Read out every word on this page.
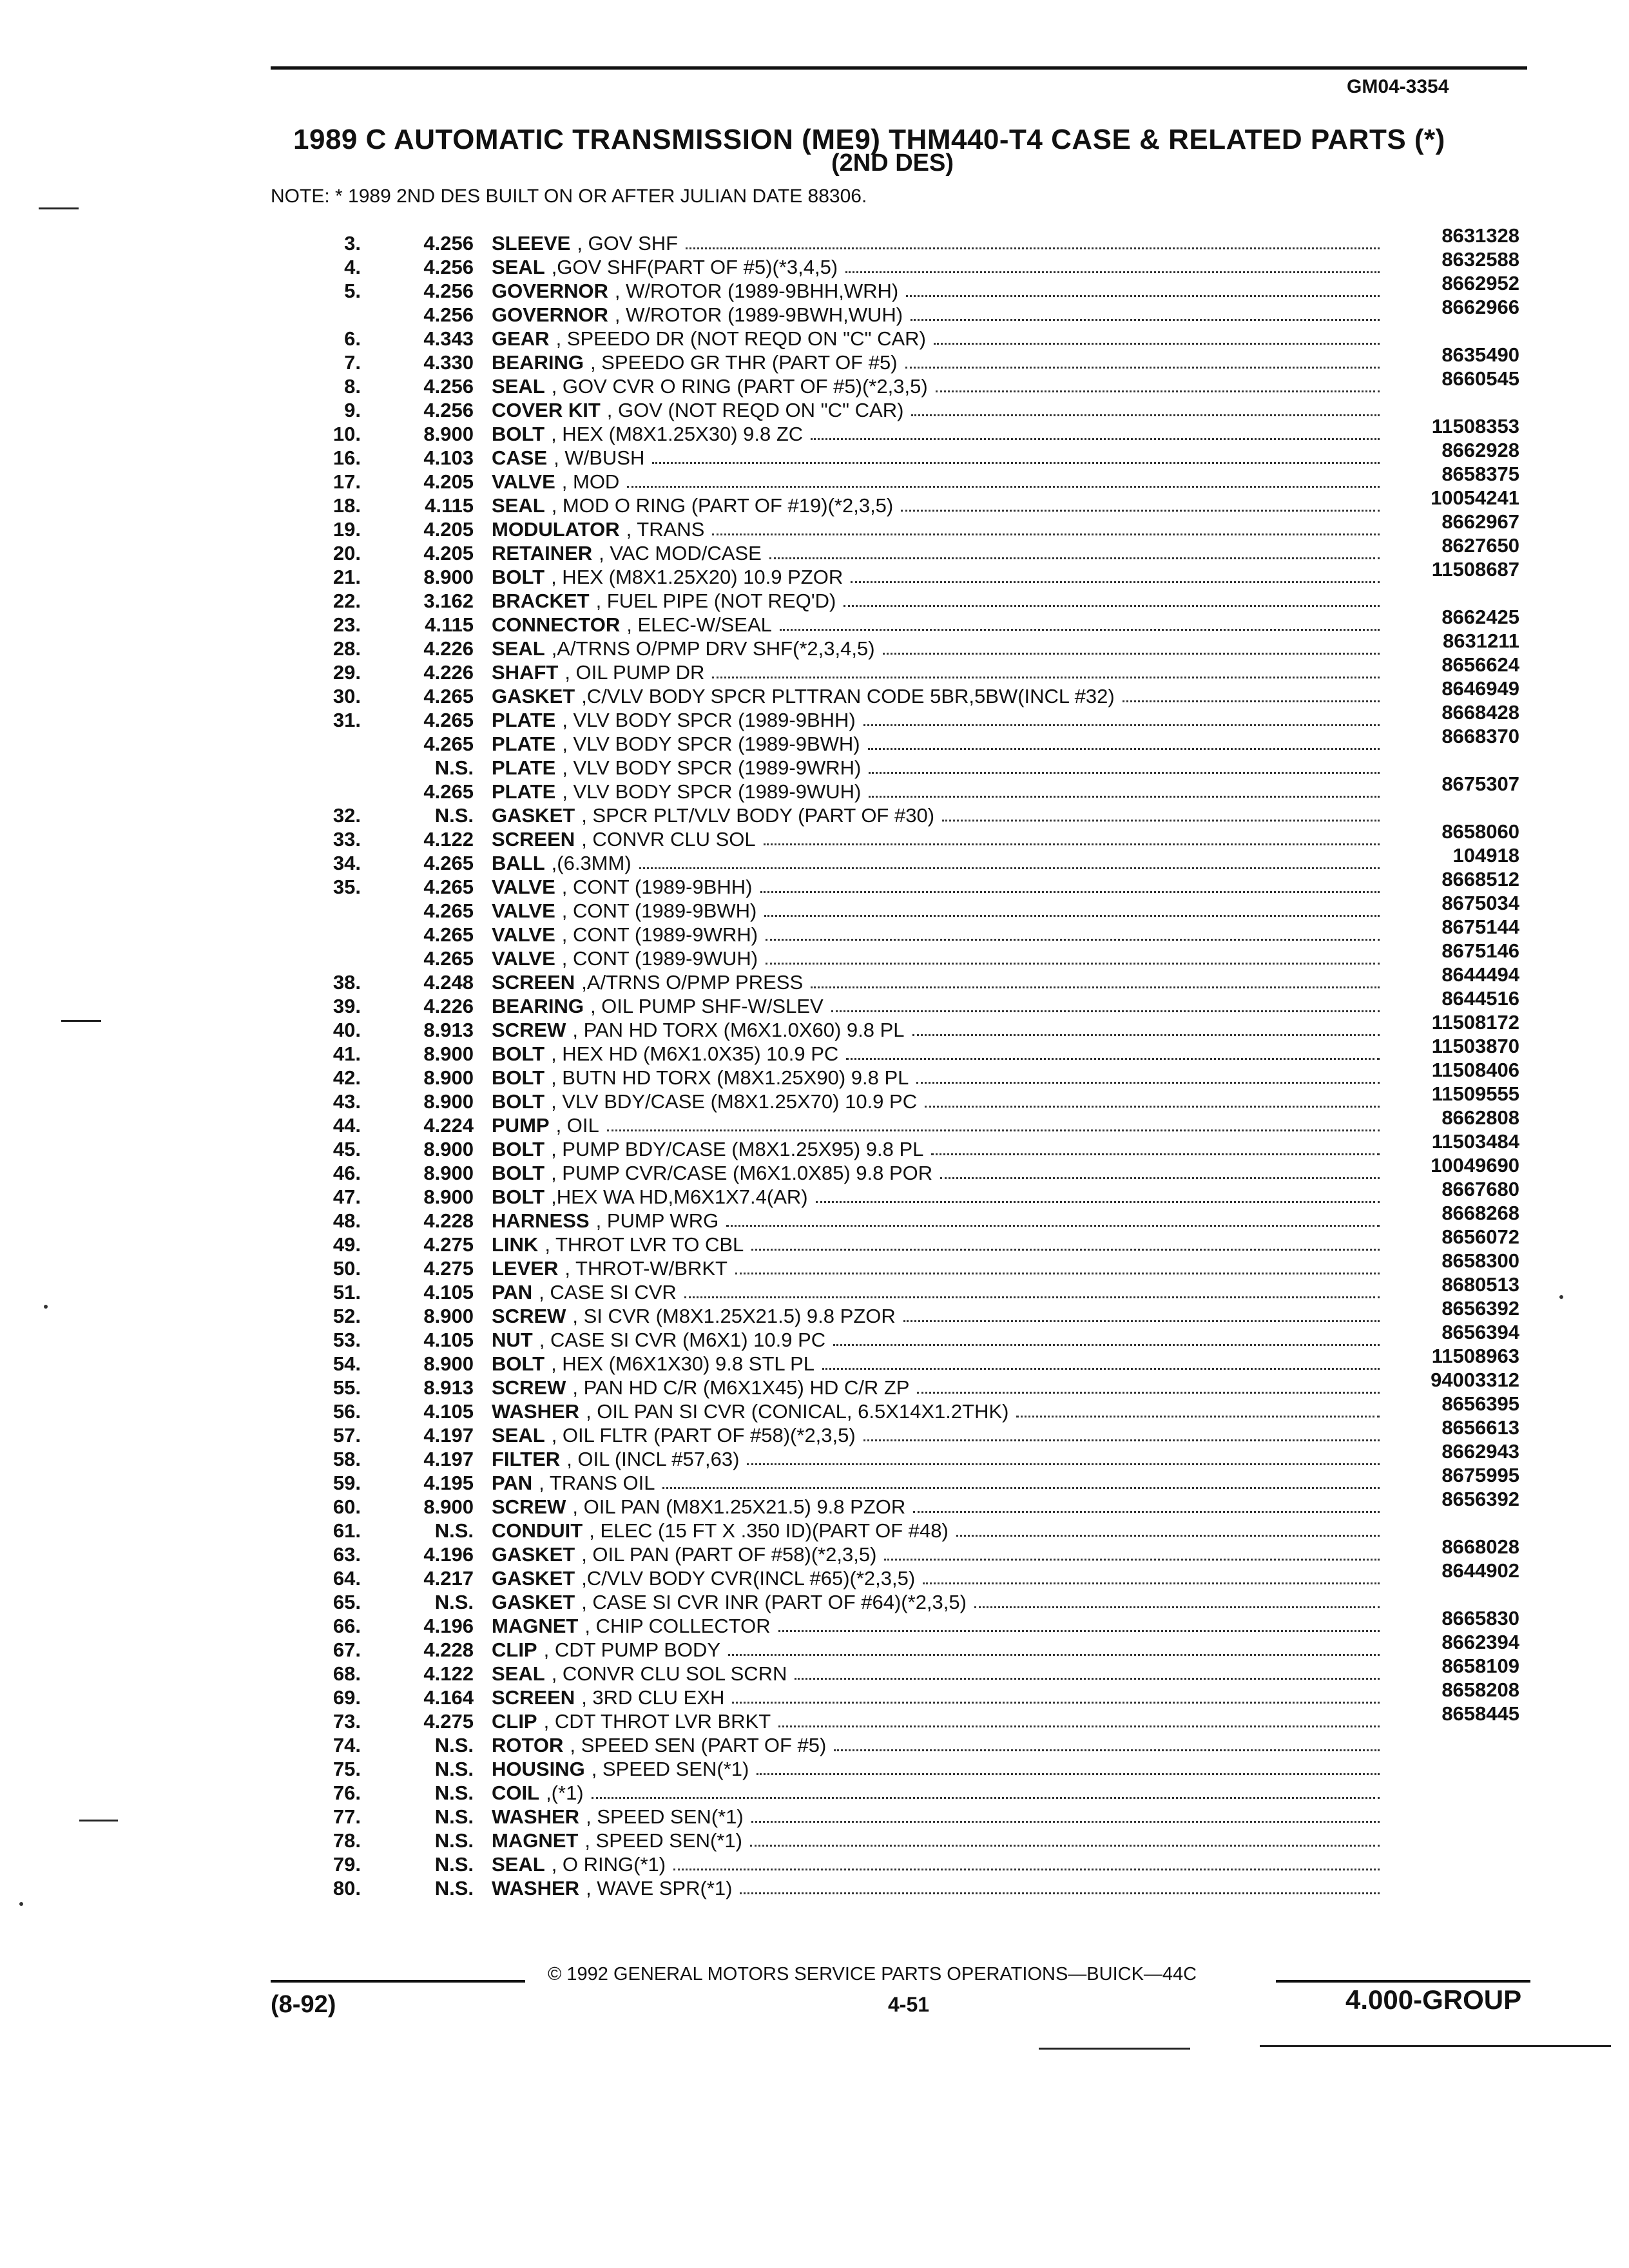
GM04-3354
1989 C AUTOMATIC TRANSMISSION (ME9) THM440-T4 CASE & RELATED PARTS (*)
(2ND DES)
NOTE: * 1989 2ND DES BUILT ON OR AFTER JULIAN DATE 88306.
3.	4.256 SLEEVE , GOV SHF	8631328
4.	4.256 SEAL ,GOV SHF(PART OF #5)(*3,4,5)	8632588
5.	4.256 GOVERNOR , W/ROTOR (1989-9BHH,WRH)	8662952
4.256 GOVERNOR , W/ROTOR (1989-9BWH,WUH)	8662966
6.	4.343 GEAR , SPEEDO DR (NOT REQD ON "C" CAR)
7.	4.330 BEARING , SPEEDO GR THR (PART OF #5)	8635490
8.	4.256 SEAL , GOV CVR O RING (PART OF #5)(*2,3,5)	8660545
9.	4.256 COVER KIT , GOV (NOT REQD ON "C" CAR)
10.	8.900 BOLT , HEX (M8X1.25X30) 9.8 ZC	11508353
16.	4.103 CASE , W/BUSH	8662928
17.	4.205 VALVE , MOD	8658375
18.	4.115 SEAL , MOD O RING (PART OF #19)(*2,3,5)	10054241
19.	4.205 MODULATOR , TRANS	8662967
20.	4.205 RETAINER , VAC MOD/CASE	8627650
21.	8.900 BOLT , HEX (M8X1.25X20) 10.9 PZOR	11508687
22.	3.162 BRACKET , FUEL PIPE (NOT REQ'D)
23.	4.115 CONNECTOR , ELEC-W/SEAL	8662425
28.	4.226 SEAL ,A/TRNS O/PMP DRV SHF(*2,3,4,5)	8631211
29.	4.226 SHAFT , OIL PUMP DR	8656624
30.	4.265 GASKET ,C/VLV BODY SPCR PLTTRAN CODE 5BR,5BW(INCL #32)	8646949
31.	4.265 PLATE , VLV BODY SPCR (1989-9BHH)	8668428
4.265 PLATE , VLV BODY SPCR (1989-9BWH)	8668370
N.S. PLATE , VLV BODY SPCR (1989-9WRH)
4.265 PLATE , VLV BODY SPCR (1989-9WUH)	8675307
32.	N.S. GASKET , SPCR PLT/VLV BODY (PART OF #30)
33.	4.122 SCREEN , CONVR CLU SOL	8658060
34.	4.265 BALL ,(6.3MM)	104918
35.	4.265 VALVE , CONT (1989-9BHH)	8668512
4.265 VALVE , CONT (1989-9BWH)	8675034
4.265 VALVE , CONT (1989-9WRH)	8675144
4.265 VALVE , CONT (1989-9WUH)	8675146
38.	4.248 SCREEN ,A/TRNS O/PMP PRESS	8644494
39.	4.226 BEARING , OIL PUMP SHF-W/SLEV	8644516
40.	8.913 SCREW , PAN HD TORX (M6X1.0X60) 9.8 PL	11508172
41.	8.900 BOLT , HEX HD (M6X1.0X35) 10.9 PC	11503870
42.	8.900 BOLT , BUTN HD TORX (M8X1.25X90) 9.8 PL	11508406
43.	8.900 BOLT , VLV BDY/CASE (M8X1.25X70) 10.9 PC	11509555
44.	4.224 PUMP , OIL	8662808
45.	8.900 BOLT , PUMP BDY/CASE (M8X1.25X95) 9.8 PL	11503484
46.	8.900 BOLT , PUMP CVR/CASE (M6X1.0X85) 9.8 POR	10049690
47.	8.900 BOLT ,HEX WA HD,M6X1X7.4(AR)	8667680
48.	4.228 HARNESS , PUMP WRG	8668268
49.	4.275 LINK , THROT LVR TO CBL	8656072
50.	4.275 LEVER , THROT-W/BRKT	8658300
51.	4.105 PAN , CASE SI CVR	8680513
52.	8.900 SCREW , SI CVR (M8X1.25X21.5) 9.8 PZOR	8656392
53.	4.105 NUT , CASE SI CVR (M6X1) 10.9 PC	8656394
54.	8.900 BOLT , HEX (M6X1X30) 9.8 STL PL	11508963
55.	8.913 SCREW , PAN HD C/R (M6X1X45) HD C/R ZP	94003312
56.	4.105 WASHER , OIL PAN SI CVR (CONICAL, 6.5X14X1.2THK)	8656395
57.	4.197 SEAL , OIL FLTR (PART OF #58)(*2,3,5)	8656613
58.	4.197 FILTER , OIL (INCL #57,63)	8662943
59.	4.195 PAN , TRANS OIL	8675995
60.	8.900 SCREW , OIL PAN (M8X1.25X21.5) 9.8 PZOR	8656392
61.	N.S. CONDUIT , ELEC (15 FT X .350 ID)(PART OF #48)
63.	4.196 GASKET , OIL PAN (PART OF #58)(*2,3,5)	8668028
64.	4.217 GASKET ,C/VLV BODY CVR(INCL #65)(*2,3,5)	8644902
65.	N.S. GASKET , CASE SI CVR INR (PART OF #64)(*2,3,5)
66.	4.196 MAGNET , CHIP COLLECTOR	8665830
67.	4.228 CLIP , CDT PUMP BODY	8662394
68.	4.122 SEAL , CONVR CLU SOL SCRN	8658109
69.	4.164 SCREEN , 3RD CLU EXH	8658208
73.	4.275 CLIP , CDT THROT LVR BRKT	8658445
74.	N.S. ROTOR , SPEED SEN (PART OF #5)
75.	N.S. HOUSING , SPEED SEN(*1)
76.	N.S. COIL ,(*1)
77.	N.S. WASHER , SPEED SEN(*1)
78.	N.S. MAGNET , SPEED SEN(*1)
79.	N.S. SEAL , O RING(*1)
80.	N.S. WASHER , WAVE SPR(*1)
© 1992 GENERAL MOTORS SERVICE PARTS OPERATIONS—BUICK—44C
(8-92)	4-51	4.000-GROUP
